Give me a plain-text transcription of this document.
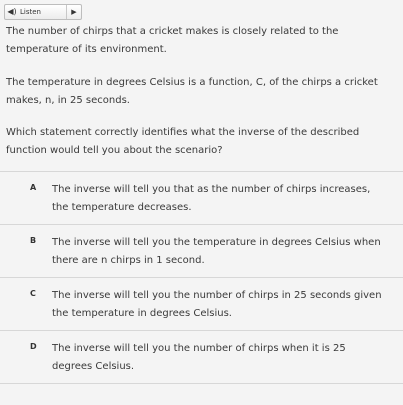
◀) Listen	▶
The number of chirps that a cricket makes is closely related to the temperature of its environment.
The temperature in degrees Celsius is a function, C, of the chirps a cricket makes, n, in 25 seconds.
Which statement correctly identifies what the inverse of the described function would tell you about the scenario?
A The inverse will tell you that as the number of chirps increases, the temperature decreases.
B The inverse will tell you the temperature in degrees Celsius when there are n chirps in 1 second.
C The inverse will tell you the number of chirps in 25 seconds given the temperature in degrees Celsius.
D The inverse will tell you the number of chirps when it is 25 degrees Celsius.
